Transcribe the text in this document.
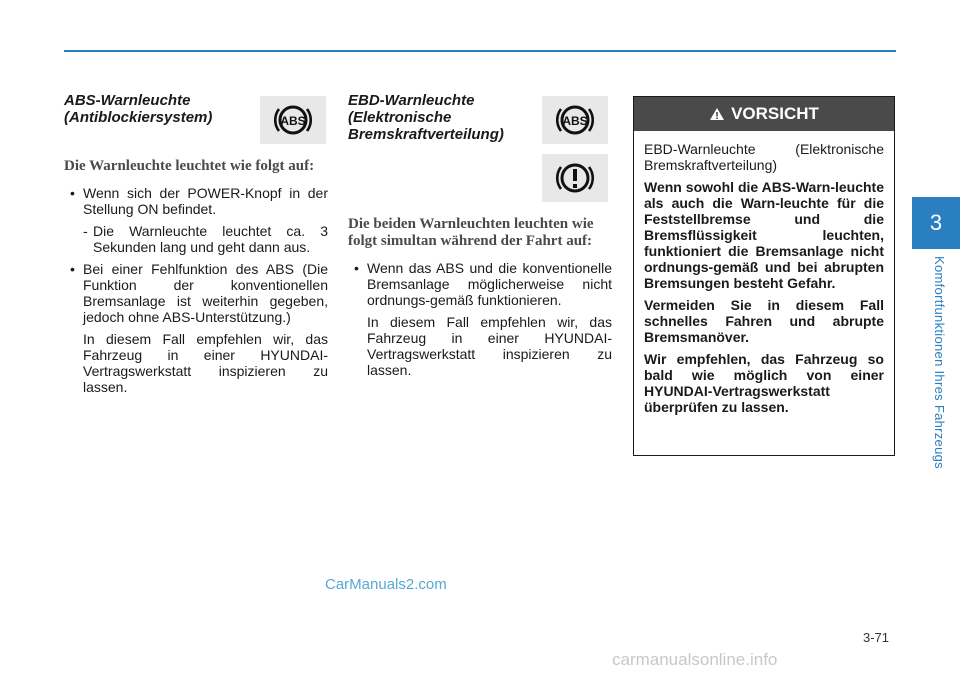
3
Komfortfunktionen Ihres Fahrzeugs
ABS-Warnleuchte
(Antiblockiersystem)	ABS
Die Warnleuchte leuchtet wie folgt auf:
• Wenn sich der POWER-Knopf in der Stellung ON befindet.
- Die Warnleuchte leuchtet ca. 3 Sekunden lang und geht dann aus.
• Bei einer Fehlfunktion des ABS (Die Funktion der konventionellen Bremsanlage ist weiterhin gegeben, jedoch ohne ABS-Unterstützung.)
In diesem Fall empfehlen wir, das Fahrzeug in einer HYUNDAI-Vertragswerkstatt inspizieren zu lassen.
EBD-Warnleuchte
(Elektronische
Bremskraftverteilung)
ABS
Die beiden Warnleuchten leuchten wie folgt simultan während der Fahrt auf:
• Wenn das ABS und die konventionelle Bremsanlage möglicherweise nicht ordnungs-gemäß funktionieren.
In diesem Fall empfehlen wir, das Fahrzeug in einer HYUNDAI-Vertragswerkstatt inspizieren zu lassen.
VORSICHT

EBD-Warnleuchte (Elektronische Bremskraftverteilung)

Wenn sowohl die ABS-Warn-leuchte als auch die Warn-leuchte für die Feststellbremse und die Bremsflüssigkeit leuchten, funktioniert die Bremsanlage nicht ordnungs-gemäß und bei abrupten Bremsungen besteht Gefahr.

Vermeiden Sie in diesem Fall schnelles Fahren und abrupte Bremsmanöver.

Wir empfehlen, das Fahrzeug so bald wie möglich von einer HYUNDAI-Vertragswerkstatt überprüfen zu lassen.

CarManuals2.com
3-71
carmanualsonline.info
